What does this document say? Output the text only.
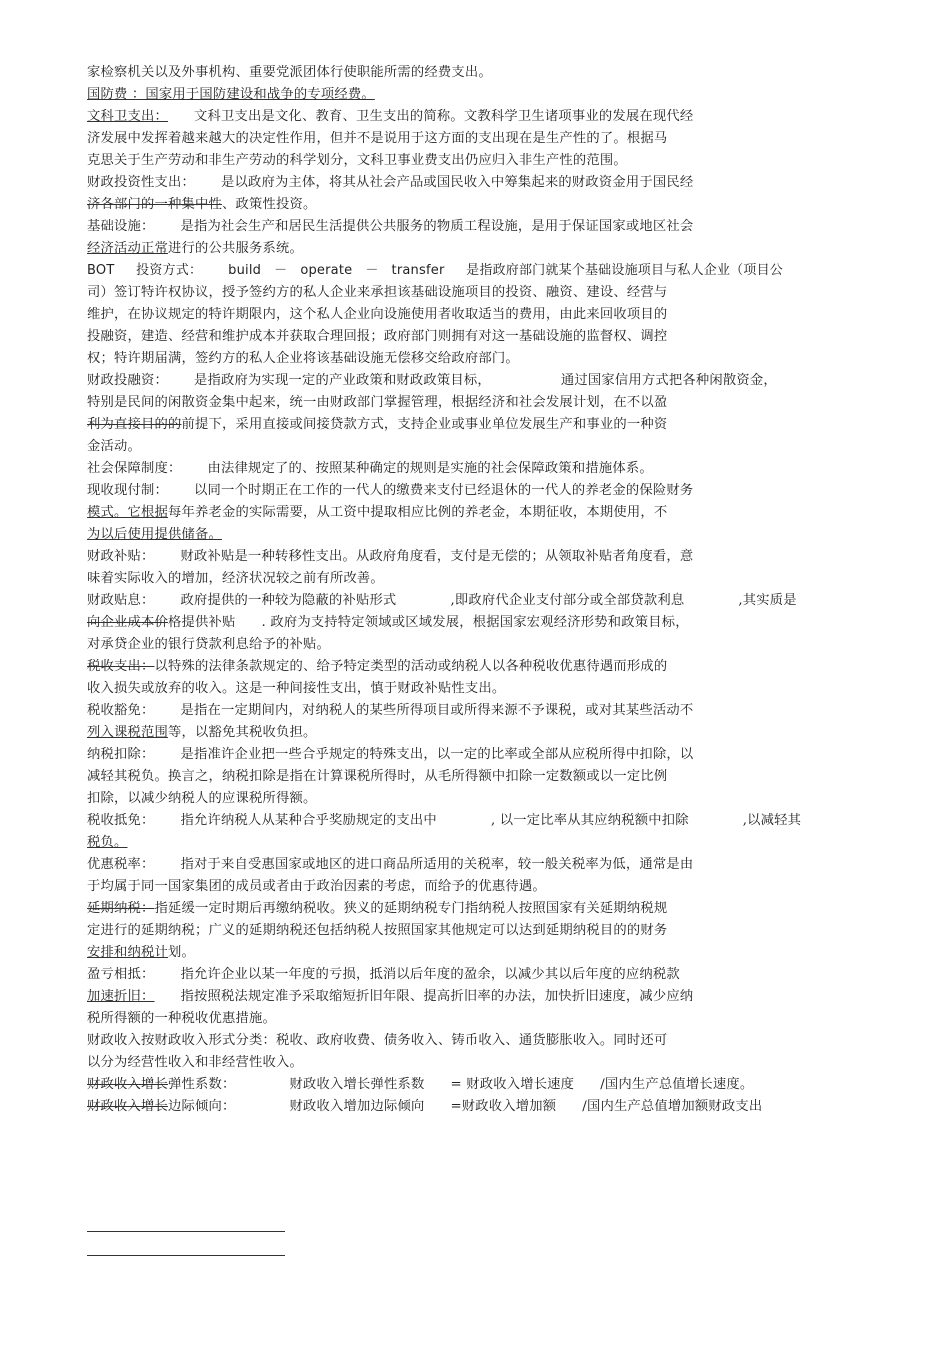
家检察机关以及外事机构、重要党派团体行使职能所需的经费支出。
国防费 ：国家用于国防建设和战争的专项经费。
文科卫支出： 文科卫支出是文化、教育、卫生支出的简称。文教科学卫生诸项事业的发展在现代经
济发展中发挥着越来越大的决定性作用，但并不是说用于这方面的支出现在是生产性的了。根据马
克思关于生产劳动和非生产劳动的科学划分，文科卫事业费支出仍应归入非生产性的范围。
财政投资性支出： 是以政府为主体，将其从社会产品或国民收入中筹集起来的财政资金用于国民经
济各部门的一种集中性、政策性投资。
基础设施： 是指为社会生产和居民生活提供公共服务的物质工程设施，是用于保证国家或地区社会
经济活动正常进行的公共服务系统。
BOT 投资方式： build － operate － transfer 是指政府部门就某个基础设施项目与私人企业（项目公
司）签订特许权协议，授予签约方的私人企业来承担该基础设施项目的投资、融资、建设、经营与
维护，在协议规定的特许期限内，这个私人企业向设施使用者收取适当的费用，由此来回收项目的
投融资，建造、经营和维护成本并获取合理回报；政府部门则拥有对这一基础设施的监督权、调控
权；特许期届满，签约方的私人企业将该基础设施无偿移交给政府部门。
财政投融资： 是指政府为实现一定的产业政策和财政政策目标，	通过国家信用方式把各种闲散资金，
特别是民间的闲散资金集中起来，统一由财政部门掌握管理，根据经济和社会发展计划，在不以盈
利为直接目的的前提下，采用直接或间接贷款方式，支持企业或事业单位发展生产和事业的一种资
金活动。
社会保障制度： 由法律规定了的、按照某种确定的规则是实施的社会保障政策和措施体系。
现收现付制： 以同一个时期正在工作的一代人的缴费来支付已经退休的一代人的养老金的保险财务
模式。它根据每年养老金的实际需要，从工资中提取相应比例的养老金，本期征收，本期使用，不
为以后使用提供储备。
财政补贴： 财政补贴是一种转移性支出。从政府角度看，支付是无偿的；从领取补贴者角度看，意
味着实际收入的增加，经济状况较之前有所改善。
财政贴息： 政府提供的一种较为隐蔽的补贴形式	,即政府代企业支付部分或全部贷款利息	,其实质是
向企业成本价格提供补贴 . 政府为支持特定领域或区域发展，根据国家宏观经济形势和政策目标，
对承贷企业的银行贷款利息给予的补贴。
税收支出：以特殊的法律条款规定的、给予特定类型的活动或纳税人以各种税收优惠待遇而形成的
收入损失或放弃的收入。这是一种间接性支出，慎于财政补贴性支出。
税收豁免： 是指在一定期间内，对纳税人的某些所得项目或所得来源不予课税，或对其某些活动不
列入课税范围等，以豁免其税收负担。
纳税扣除： 是指准许企业把一些合乎规定的特殊支出，以一定的比率或全部从应税所得中扣除，以
减轻其税负。换言之，纳税扣除是指在计算课税所得时，从毛所得额中扣除一定数额或以一定比例
扣除，以减少纳税人的应课税所得额。
税收抵免： 指允许纳税人从某种合乎奖励规定的支出中	, 以一定比率从其应纳税额中扣除	,以减轻其
税负。
优惠税率： 指对于来自受惠国家或地区的进口商品所适用的关税率，较一般关税率为低，通常是由
于均属于同一国家集团的成员或者由于政治因素的考虑，而给予的优惠待遇。
延期纳税：指延缓一定时期后再缴纳税收。狭义的延期纳税专门指纳税人按照国家有关延期纳税规
定进行的延期纳税；广义的延期纳税还包括纳税人按照国家其他规定可以达到延期纳税目的的财务
安排和纳税计划。
盈亏相抵： 指允许企业以某一年度的亏损，抵消以后年度的盈余，以减少其以后年度的应纳税款
加速折旧： 指按照税法规定准予采取缩短折旧年限、提高折旧率的办法，加快折旧速度，减少应纳
税所得额的一种税收优惠措施。
财政收入按财政收入形式分类：税收、政府收费、债务收入、铸币收入、通货膨胀收入。同时还可
以分为经营性收入和非经营性收入。
财政收入增长弹性系数：	财政收入增长弹性系数 = 财政收入增长速度 /国内生产总值增长速度。
财政收入增长边际倾向：	财政收入增加边际倾向 =财政收入增加额 /国内生产总值增加额财政支出
